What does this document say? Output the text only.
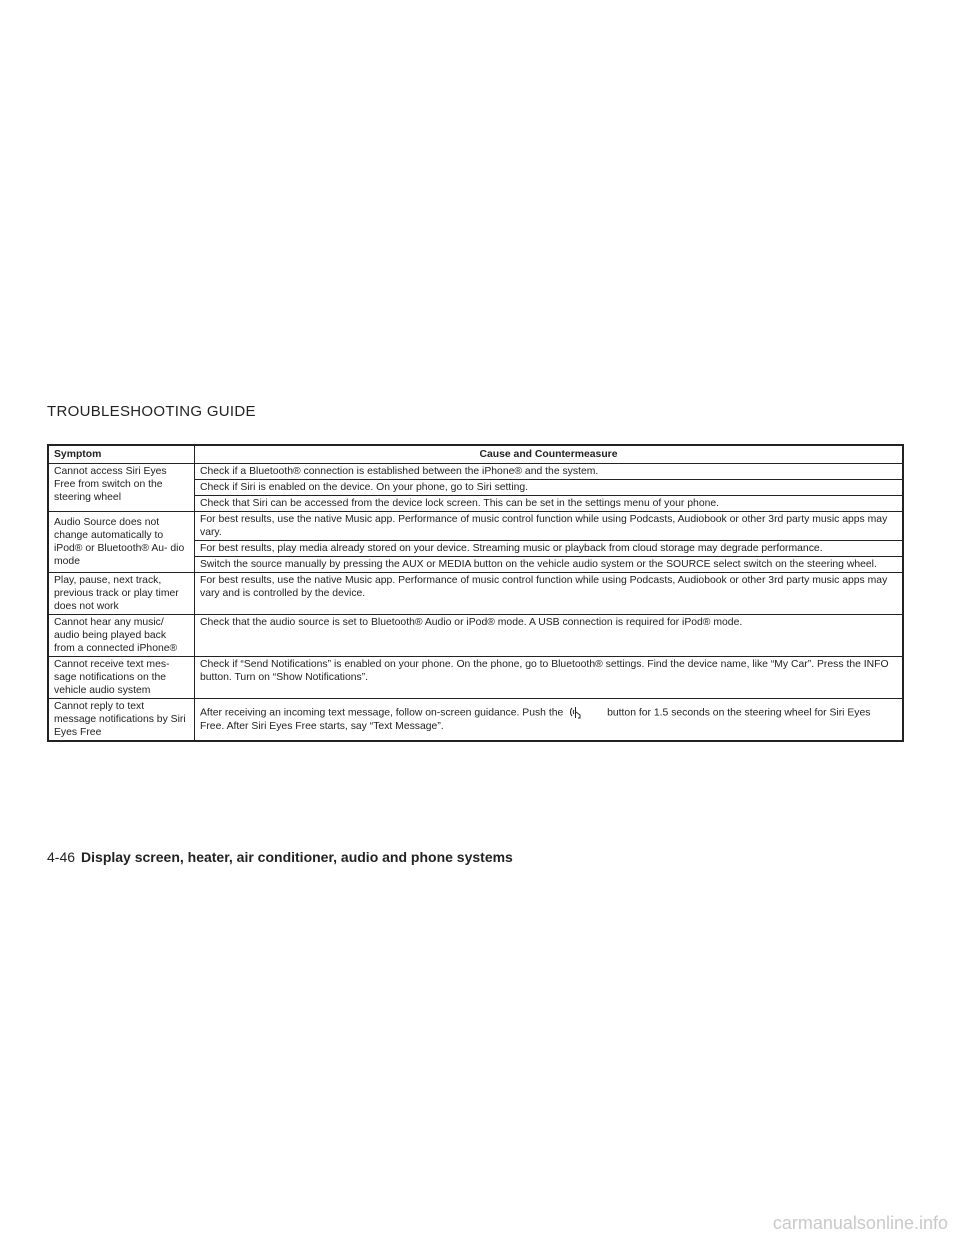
TROUBLESHOOTING GUIDE
Symptom	Cause and Countermeasure
Cannot access Siri Eyes Free from switch on the steering wheel	Check if a Bluetooth® connection is established between the iPhone® and the system.
	Check if Siri is enabled on the device. On your phone, go to Siri setting.
	Check that Siri can be accessed from the device lock screen. This can be set in the settings menu of your phone.
Audio Source does not change automatically to iPod® or Bluetooth® Au- dio mode	For best results, use the native Music app. Performance of music control function while using Podcasts, Audiobook or other 3rd party music apps may vary.
	For best results, play media already stored on your device. Streaming music or playback from cloud storage may degrade performance.
	Switch the source manually by pressing the AUX or MEDIA button on the vehicle audio system or the SOURCE select switch on the steering wheel.
Play, pause, next track, previous track or play timer does not work	For best results, use the native Music app. Performance of music control function while using Podcasts, Audiobook or other 3rd party music apps may vary and is controlled by the device.
Cannot hear any music/ audio being played back from a connected iPhone®	Check that the audio source is set to Bluetooth® Audio or iPod® mode. A USB connection is required for iPod® mode.
Cannot receive text mes- sage notifications on the vehicle audio system	Check if “Send Notifications” is enabled on your phone. On the phone, go to Bluetooth® settings. Find the device name, like “My Car”. Press the INFO button. Turn on “Show Notifications”.
Cannot reply to text message notifications by Siri Eyes Free	After receiving an incoming text message, follow on-screen guidance. Push the button for 1.5 seconds on the steering wheel for Siri Eyes Free. After Siri Eyes Free starts, say “Text Message”.
4-46 Display screen, heater, air conditioner, audio and phone systems
carmanualsonline.info
